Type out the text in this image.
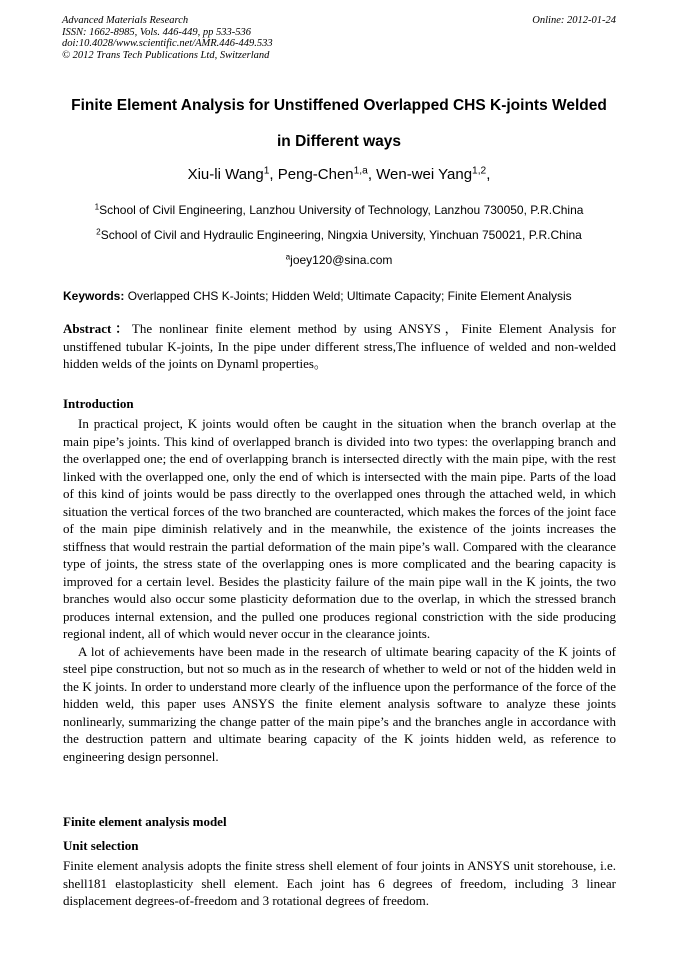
Advanced Materials Research
ISSN: 1662-8985, Vols. 446-449, pp 533-536
doi:10.4028/www.scientific.net/AMR.446-449.533
© 2012 Trans Tech Publications Ltd, Switzerland
Online: 2012-01-24
Finite Element Analysis for Unstiffened Overlapped CHS K-joints Welded
in Different ways
Xiu-li Wang$^1$, Peng-Chen$^{1,a}$, Wen-wei Yang$^{1,2}$,
$^1$School of Civil Engineering, Lanzhou University of Technology, Lanzhou 730050, P.R.China
$^2$School of Civil and Hydraulic Engineering, Ningxia University, Yinchuan 750021, P.R.China
$^a$joey120@sina.com
Keywords: Overlapped CHS K-Joints; Hidden Weld; Ultimate Capacity; Finite Element Analysis
Abstract：The nonlinear finite element method by using ANSYS，Finite Element Analysis for unstiffened tubular K-joints, In the pipe under different stress,The influence of welded and non-welded hidden welds of the joints on Dynaml properties。
Introduction

In practical project, K joints would often be caught in the situation when the branch overlap at the main pipe’s joints. This kind of overlapped branch is divided into two types: the overlapping branch and the overlapped one; the end of overlapping branch is intersected directly with the main pipe, with the rest linked with the overlapped one, only the end of which is intersected with the main pipe. Parts of the load of this kind of joints would be pass directly to the overlapped ones through the attached weld, in which situation the vertical forces of the two branched are counteracted, which makes the forces of the joint face of the main pipe diminish relatively and in the meanwhile, the existence of the joints increases the stiffness that would restrain the partial deformation of the main pipe’s wall. Compared with the clearance type of joints, the stress state of the overlapping ones is more complicated and the bearing capacity is improved for a certain level. Besides the plasticity failure of the main pipe wall in the K joints, the two branches would also occur some plasticity deformation due to the overlap, in which the stressed branch produces internal extension, and the pulled one produces regional constriction with the side producing regional indent, all of which would never occur in the clearance joints.

A lot of achievements have been made in the research of ultimate bearing capacity of the K joints of steel pipe construction, but not so much as in the research of whether to weld or not of the hidden weld in the K joints. In order to understand more clearly of the influence upon the performance of the force of the hidden weld, this paper uses ANSYS the finite element analysis software to analyze these joints nonlinearly, summarizing the change patter of the main pipe’s and the branches angle in accordance with the destruction pattern and ultimate bearing capacity of the K joints hidden weld, as reference to engineering design personnel.

Finite element analysis model
Unit selection

Finite element analysis adopts the finite stress shell element of four joints in ANSYS unit storehouse, i.e. shell181 elastoplasticity shell element. Each joint has 6 degrees of freedom, including 3 linear displacement degrees-of-freedom and 3 rotational degrees of freedom.
